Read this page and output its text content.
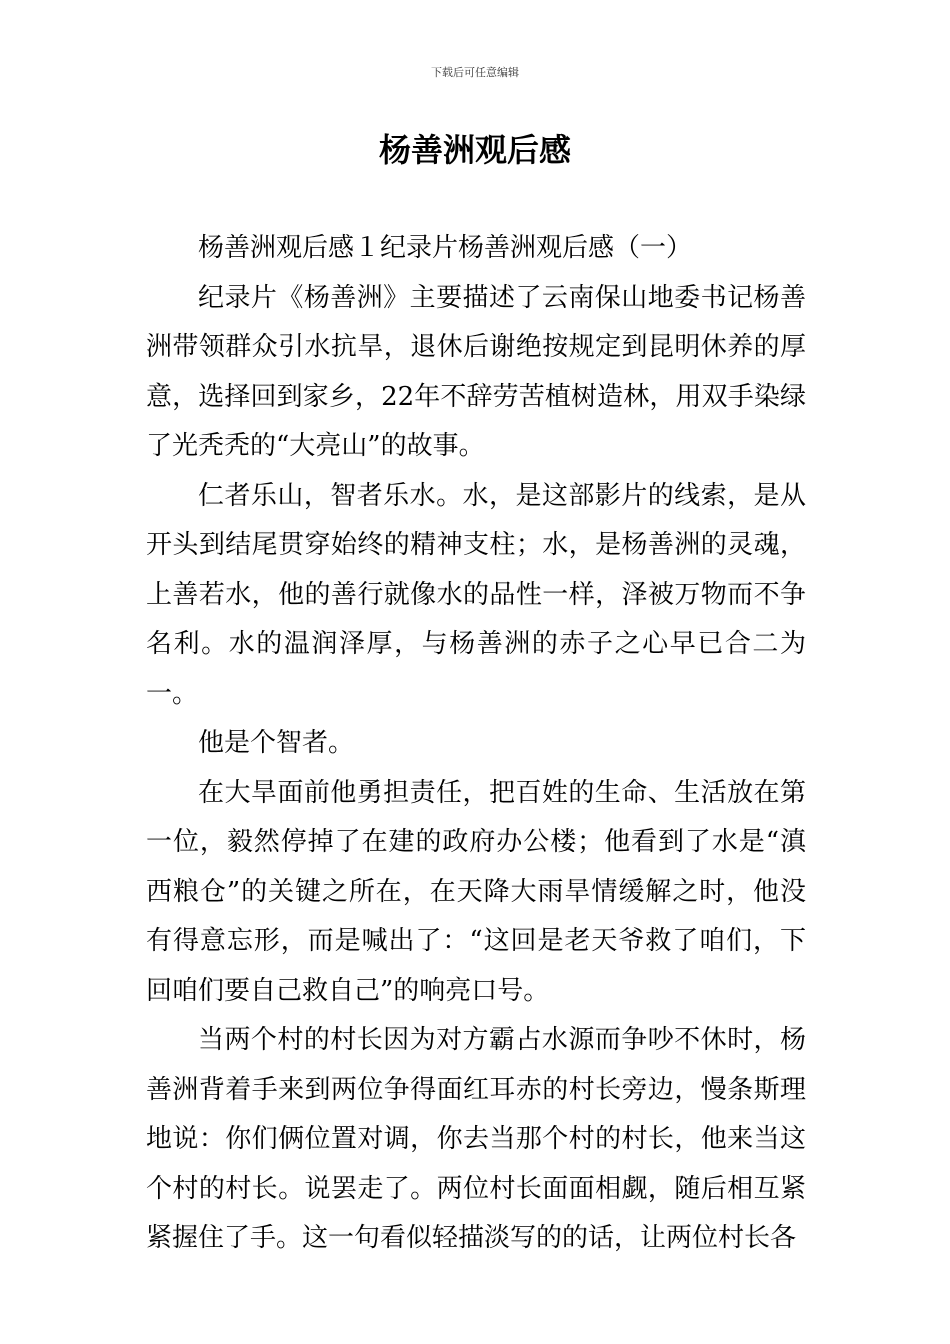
下载后可任意编辑
杨善洲观后感

杨善洲观后感１纪录片杨善洲观后感（一）

纪录片《杨善洲》主要描述了云南保山地委书记杨善洲带领群众引水抗旱，退休后谢绝按规定到昆明休养的厚意，选择回到家乡，22年不辞劳苦植树造林，用双手染绿了光秃秃的“大亮山”的故事。

仁者乐山，智者乐水。水，是这部影片的线索，是从开头到结尾贯穿始终的精神支柱；水，是杨善洲的灵魂，上善若水，他的善行就像水的品性一样，泽被万物而不争名利。水的温润泽厚，与杨善洲的赤子之心早已合二为一。

他是个智者。

在大旱面前他勇担责任，把百姓的生命、生活放在第一位，毅然停掉了在建的政府办公楼；他看到了水是“滇西粮仓”的关键之所在，在天降大雨旱情缓解之时，他没有得意忘形，而是喊出了：“这回是老天爷救了咱们，下回咱们要自己救自己”的响亮口号。

当两个村的村长因为对方霸占水源而争吵不休时，杨善洲背着手来到两位争得面红耳赤的村长旁边，慢条斯理地说：你们俩位置对调，你去当那个村的村长，他来当这个村的村长。说罢走了。两位村长面面相觑，随后相互紧紧握住了手。这一句看似轻描淡写的的话，让两位村长各
